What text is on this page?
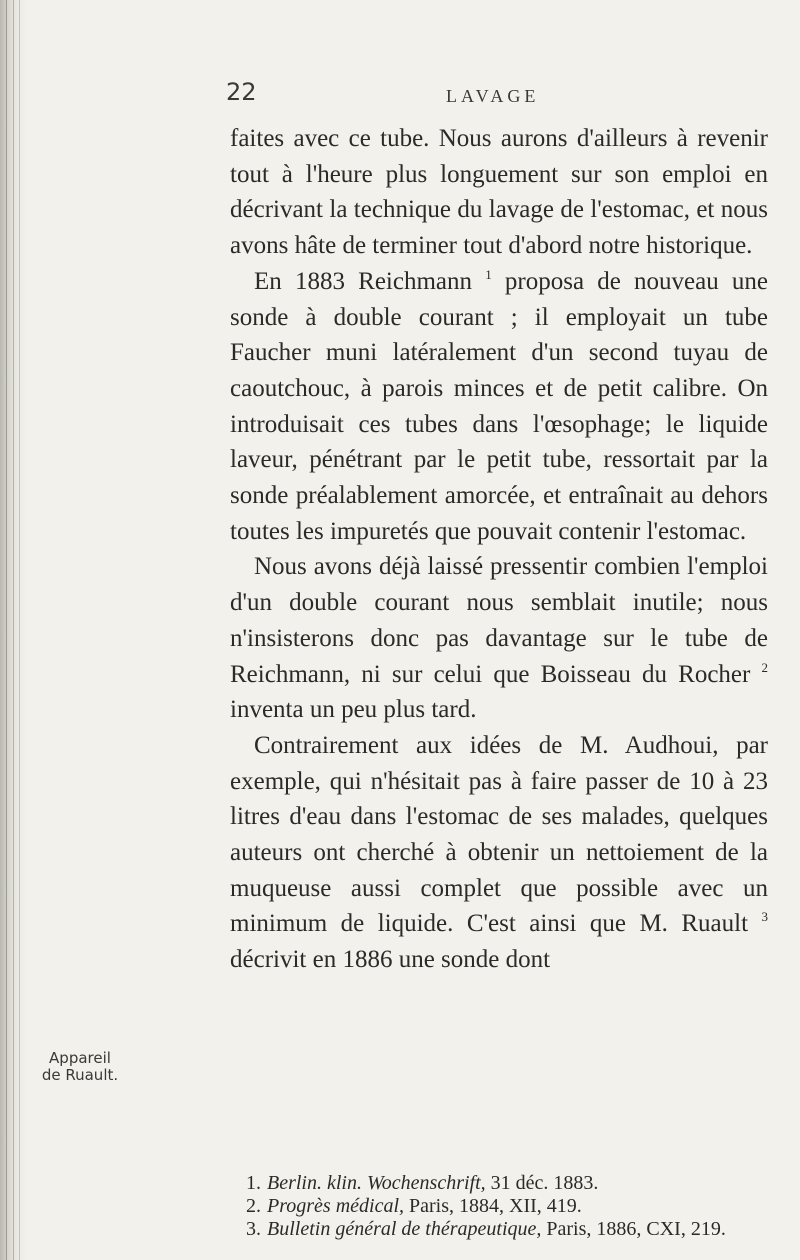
22	LAVAGE

faites avec ce tube. Nous aurons d'ailleurs à revenir tout à l'heure plus longuement sur son emploi en décrivant la technique du lavage de l'estomac, et nous avons hâte de terminer tout d'abord notre historique.

En 1883 Reichmann $^1$ proposa de nouveau une sonde à double courant ; il employait un tube Faucher muni latéralement d'un second tuyau de caoutchouc, à parois minces et de petit calibre. On introduisait ces tubes dans l'œsophage; le liquide laveur, pénétrant par le petit tube, ressortait par la sonde préalablement amorcée, et entraînait au dehors toutes les impuretés que pouvait contenir l'estomac.

Nous avons déjà laissé pressentir combien l'emploi d'un double courant nous semblait inutile; nous n'insisterons donc pas davantage sur le tube de Reichmann, ni sur celui que Boisseau du Rocher $^2$ inventa un peu plus tard.

Contrairement aux idées de M. Audhoui, par exemple, qui n'hésitait pas à faire passer de 10 à 23 litres d'eau dans l'estomac de ses malades, quelques auteurs ont cherché à obtenir un nettoiement de la muqueuse aussi complet que possible avec un minimum de liquide. C'est ainsi que M. Ruault $^3$ décrivit en 1886 une sonde dont

Appareil
de Ruault.
1. Berlin. klin. Wochenschrift, 31 déc. 1883.
2. Progrès médical, Paris, 1884, XII, 419.
3. Bulletin général de thérapeutique, Paris, 1886, CXI, 219.
